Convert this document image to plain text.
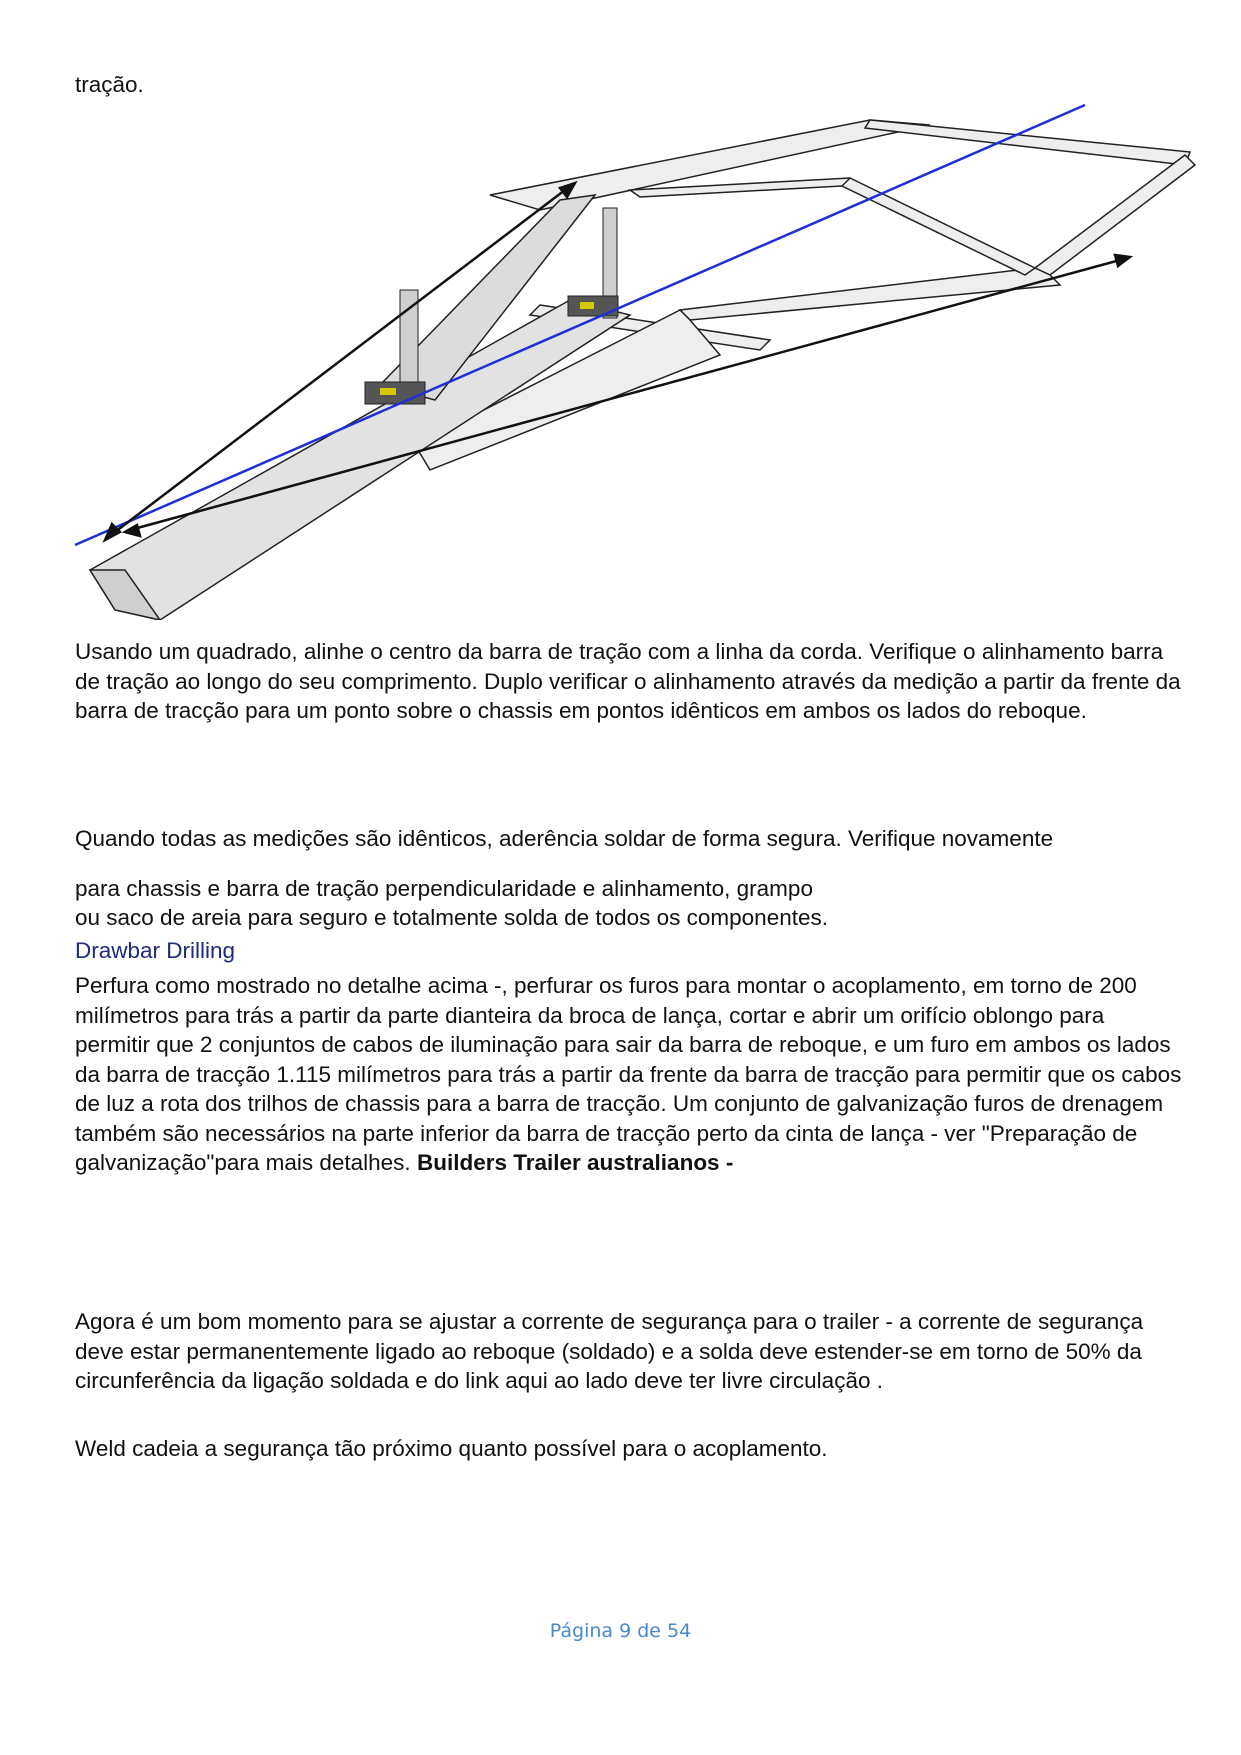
tração.

Usando um quadrado, alinhe o centro da barra de tração com a linha da corda. Verifique o alinhamento barra de tração ao longo do seu comprimento. Duplo verificar o alinhamento através da medição a partir da frente da barra de tracção para um ponto sobre o chassis em pontos idênticos em ambos os lados do reboque.

Quando todas as medições são idênticos, aderência soldar de forma segura. Verifique novamente

para chassis e barra de tração perpendicularidade e alinhamento, grampo

ou saco de areia para seguro e totalmente solda de todos os componentes.

Drawbar Drilling

Perfura como mostrado no detalhe acima -, perfurar os furos para montar o acoplamento, em torno de 200 milímetros para trás a partir da parte dianteira da broca de lança, cortar e abrir um orifício oblongo para permitir que 2 conjuntos de cabos de iluminação para sair da barra de reboque, e um furo em ambos os lados da barra de tracção 1.115 milímetros para trás a partir da frente da barra de tracção para permitir que os cabos de luz a rota dos trilhos de chassis para a barra de tracção. Um conjunto de galvanização furos de drenagem também são necessários na parte inferior da barra de tracção perto da cinta de lança - ver "Preparação de galvanização"para mais detalhes. Builders Trailer australianos -

Agora é um bom momento para se ajustar a corrente de segurança para o trailer - a corrente de segurança deve estar permanentemente ligado ao reboque (soldado) e a solda deve estender-se em torno de 50% da circunferência da ligação soldada e do link aqui ao lado deve ter livre circulação .

Weld cadeia a segurança tão próximo quanto possível para o acoplamento.

Página 9 de 54
